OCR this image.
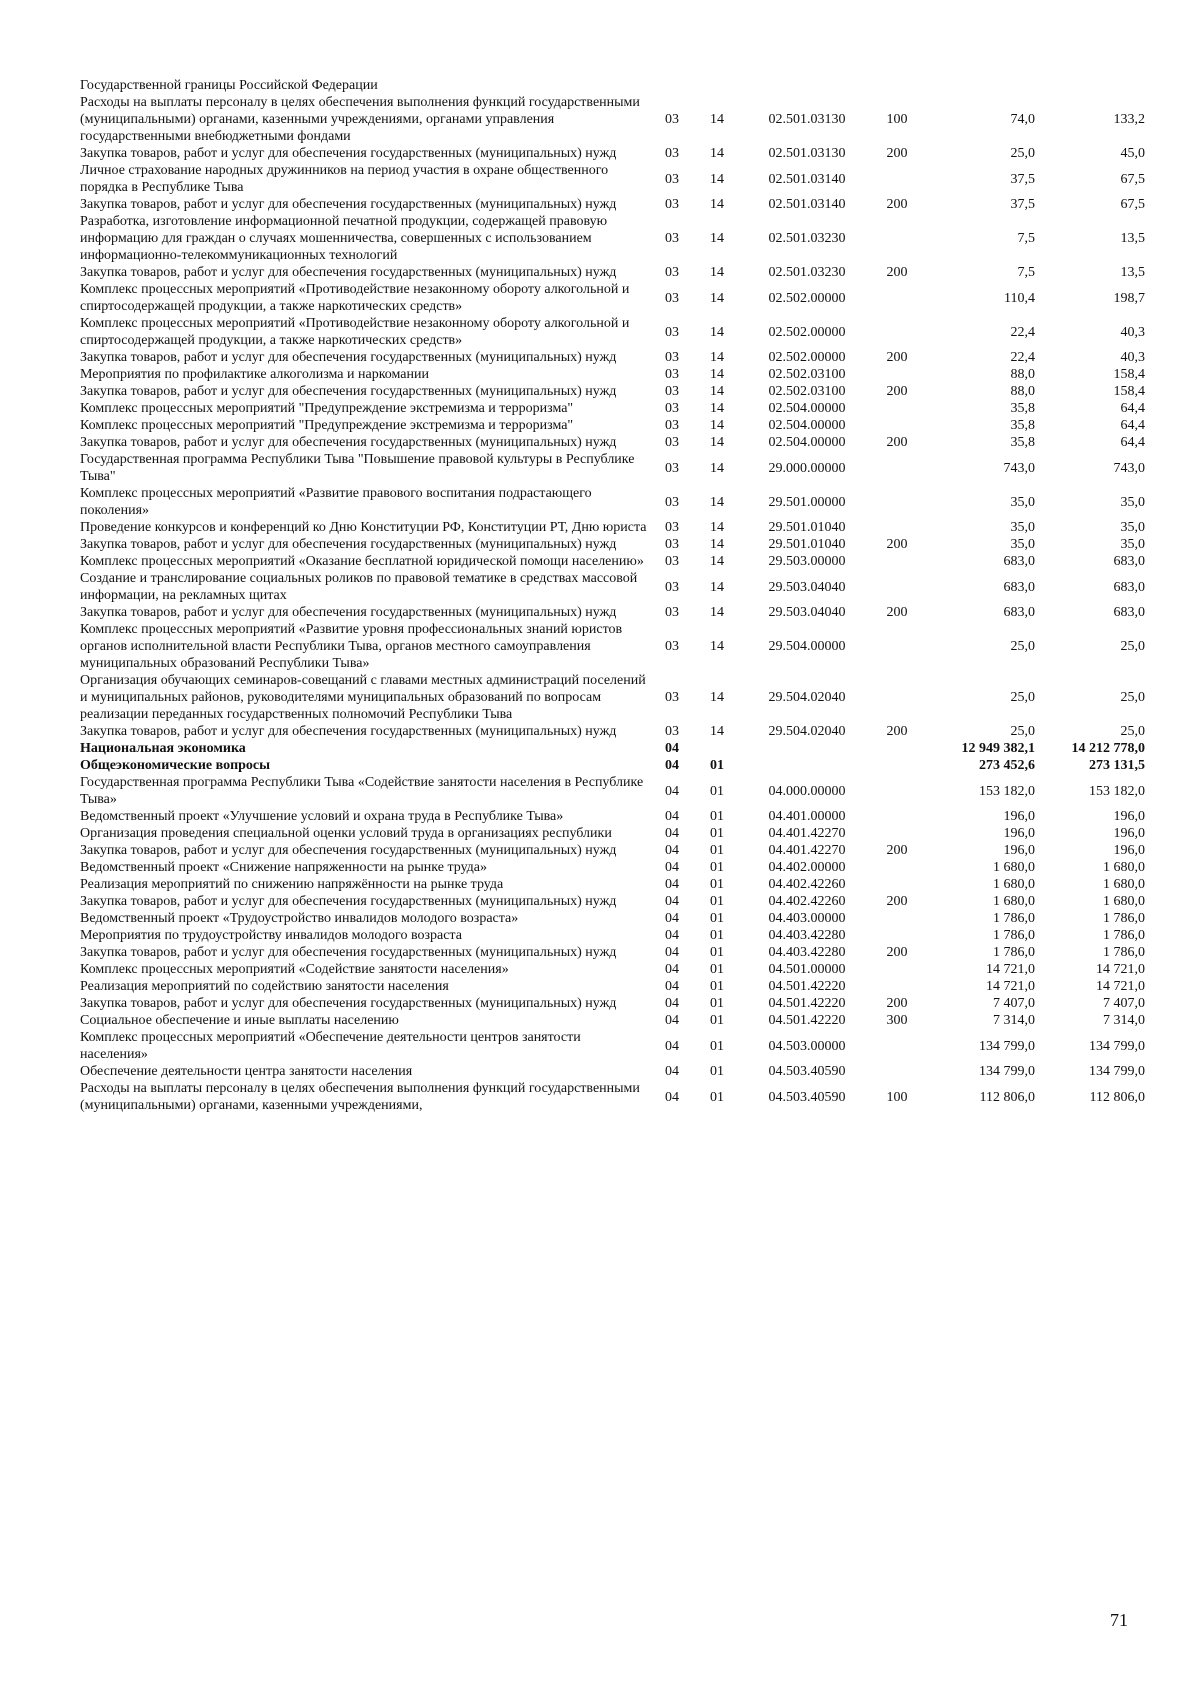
Государственной границы Российской Федерации						
Расходы на выплаты персоналу в целях обеспечения выполнения функций государственными (муниципальными) органами, казенными учреждениями, органами управления государственными внебюджетными фондами	03	14	02.501.03130	100	74,0	133,2
Закупка товаров, работ и услуг для обеспечения государственных (муниципальных) нужд	03	14	02.501.03130	200	25,0	45,0
Личное страхование народных дружинников на период участия в охране общественного порядка в Республике Тыва	03	14	02.501.03140		37,5	67,5
Закупка товаров, работ и услуг для обеспечения государственных (муниципальных) нужд	03	14	02.501.03140	200	37,5	67,5
Разработка, изготовление информационной печатной продукции, содержащей правовую информацию для граждан о случаях мошенничества, совершенных с использованием информационно-телекоммуникационных технологий	03	14	02.501.03230		7,5	13,5
Закупка товаров, работ и услуг для обеспечения государственных (муниципальных) нужд	03	14	02.501.03230	200	7,5	13,5
Комплекс процессных мероприятий «Противодействие незаконному обороту алкогольной и спиртосодержащей продукции, а также наркотических средств»	03	14	02.502.00000		110,4	198,7
Комплекс процессных мероприятий «Противодействие незаконному обороту алкогольной и спиртосодержащей продукции, а также наркотических средств»	03	14	02.502.00000		22,4	40,3
Закупка товаров, работ и услуг для обеспечения государственных (муниципальных) нужд	03	14	02.502.00000	200	22,4	40,3
Мероприятия по профилактике алкоголизма и наркомании	03	14	02.502.03100		88,0	158,4
Закупка товаров, работ и услуг для обеспечения государственных (муниципальных) нужд	03	14	02.502.03100	200	88,0	158,4
Комплекс процессных мероприятий "Предупреждение экстремизма и терроризма"	03	14	02.504.00000		35,8	64,4
Комплекс процессных мероприятий "Предупреждение экстремизма и терроризма"	03	14	02.504.00000		35,8	64,4
Закупка товаров, работ и услуг для обеспечения государственных (муниципальных) нужд	03	14	02.504.00000	200	35,8	64,4
Государственная программа Республики Тыва "Повышение правовой культуры в Республике Тыва"	03	14	29.000.00000		743,0	743,0
Комплекс процессных мероприятий «Развитие правового воспитания подрастающего поколения»	03	14	29.501.00000		35,0	35,0
Проведение конкурсов и конференций ко Дню Конституции РФ, Конституции РТ, Дню юриста	03	14	29.501.01040		35,0	35,0
Закупка товаров, работ и услуг для обеспечения государственных (муниципальных) нужд	03	14	29.501.01040	200	35,0	35,0
Комплекс процессных мероприятий «Оказание бесплатной юридической помощи населению»	03	14	29.503.00000		683,0	683,0
Создание и транслирование социальных роликов по правовой тематике в средствах массовой информации, на рекламных щитах	03	14	29.503.04040		683,0	683,0
Закупка товаров, работ и услуг для обеспечения государственных (муниципальных) нужд	03	14	29.503.04040	200	683,0	683,0
Комплекс процессных мероприятий «Развитие уровня профессиональных знаний юристов органов исполнительной власти Республики Тыва, органов местного самоуправления муниципальных образований Республики Тыва»	03	14	29.504.00000		25,0	25,0
Организация обучающих семинаров-совещаний с главами местных администраций поселений и муниципальных районов, руководителями муниципальных образований по вопросам реализации переданных государственных полномочий Республики Тыва	03	14	29.504.02040		25,0	25,0
Закупка товаров, работ и услуг для обеспечения государственных (муниципальных) нужд	03	14	29.504.02040	200	25,0	25,0
Национальная экономика	04				12 949 382,1	14 212 778,0
Общеэкономические вопросы	04	01			273 452,6	273 131,5
Государственная программа Республики Тыва «Содействие занятости населения в Республике Тыва»	04	01	04.000.00000		153 182,0	153 182,0
Ведомственный проект «Улучшение условий и охрана труда в Республике Тыва»	04	01	04.401.00000		196,0	196,0
Организация проведения специальной оценки условий труда в организациях республики	04	01	04.401.42270		196,0	196,0
Закупка товаров, работ и услуг для обеспечения государственных (муниципальных) нужд	04	01	04.401.42270	200	196,0	196,0
Ведомственный проект «Снижение напряженности на рынке труда»	04	01	04.402.00000		1 680,0	1 680,0
Реализация мероприятий по снижению напряжённости на рынке труда	04	01	04.402.42260		1 680,0	1 680,0
Закупка товаров, работ и услуг для обеспечения государственных (муниципальных) нужд	04	01	04.402.42260	200	1 680,0	1 680,0
Ведомственный проект «Трудоустройство инвалидов молодого возраста»	04	01	04.403.00000		1 786,0	1 786,0
Мероприятия по трудоустройству инвалидов молодого возраста	04	01	04.403.42280		1 786,0	1 786,0
Закупка товаров, работ и услуг для обеспечения государственных (муниципальных) нужд	04	01	04.403.42280	200	1 786,0	1 786,0
Комплекс процессных мероприятий «Содействие занятости населения»	04	01	04.501.00000		14 721,0	14 721,0
Реализация мероприятий по содействию занятости населения	04	01	04.501.42220		14 721,0	14 721,0
Закупка товаров, работ и услуг для обеспечения государственных (муниципальных) нужд	04	01	04.501.42220	200	7 407,0	7 407,0
Социальное обеспечение и иные выплаты населению	04	01	04.501.42220	300	7 314,0	7 314,0
Комплекс процессных мероприятий «Обеспечение деятельности центров занятости населения»	04	01	04.503.00000		134 799,0	134 799,0
Обеспечение деятельности центра занятости населения	04	01	04.503.40590		134 799,0	134 799,0
Расходы на выплаты персоналу в целях обеспечения выполнения функций государственными (муниципальными) органами, казенными учреждениями,	04	01	04.503.40590	100	112 806,0	112 806,0
71
